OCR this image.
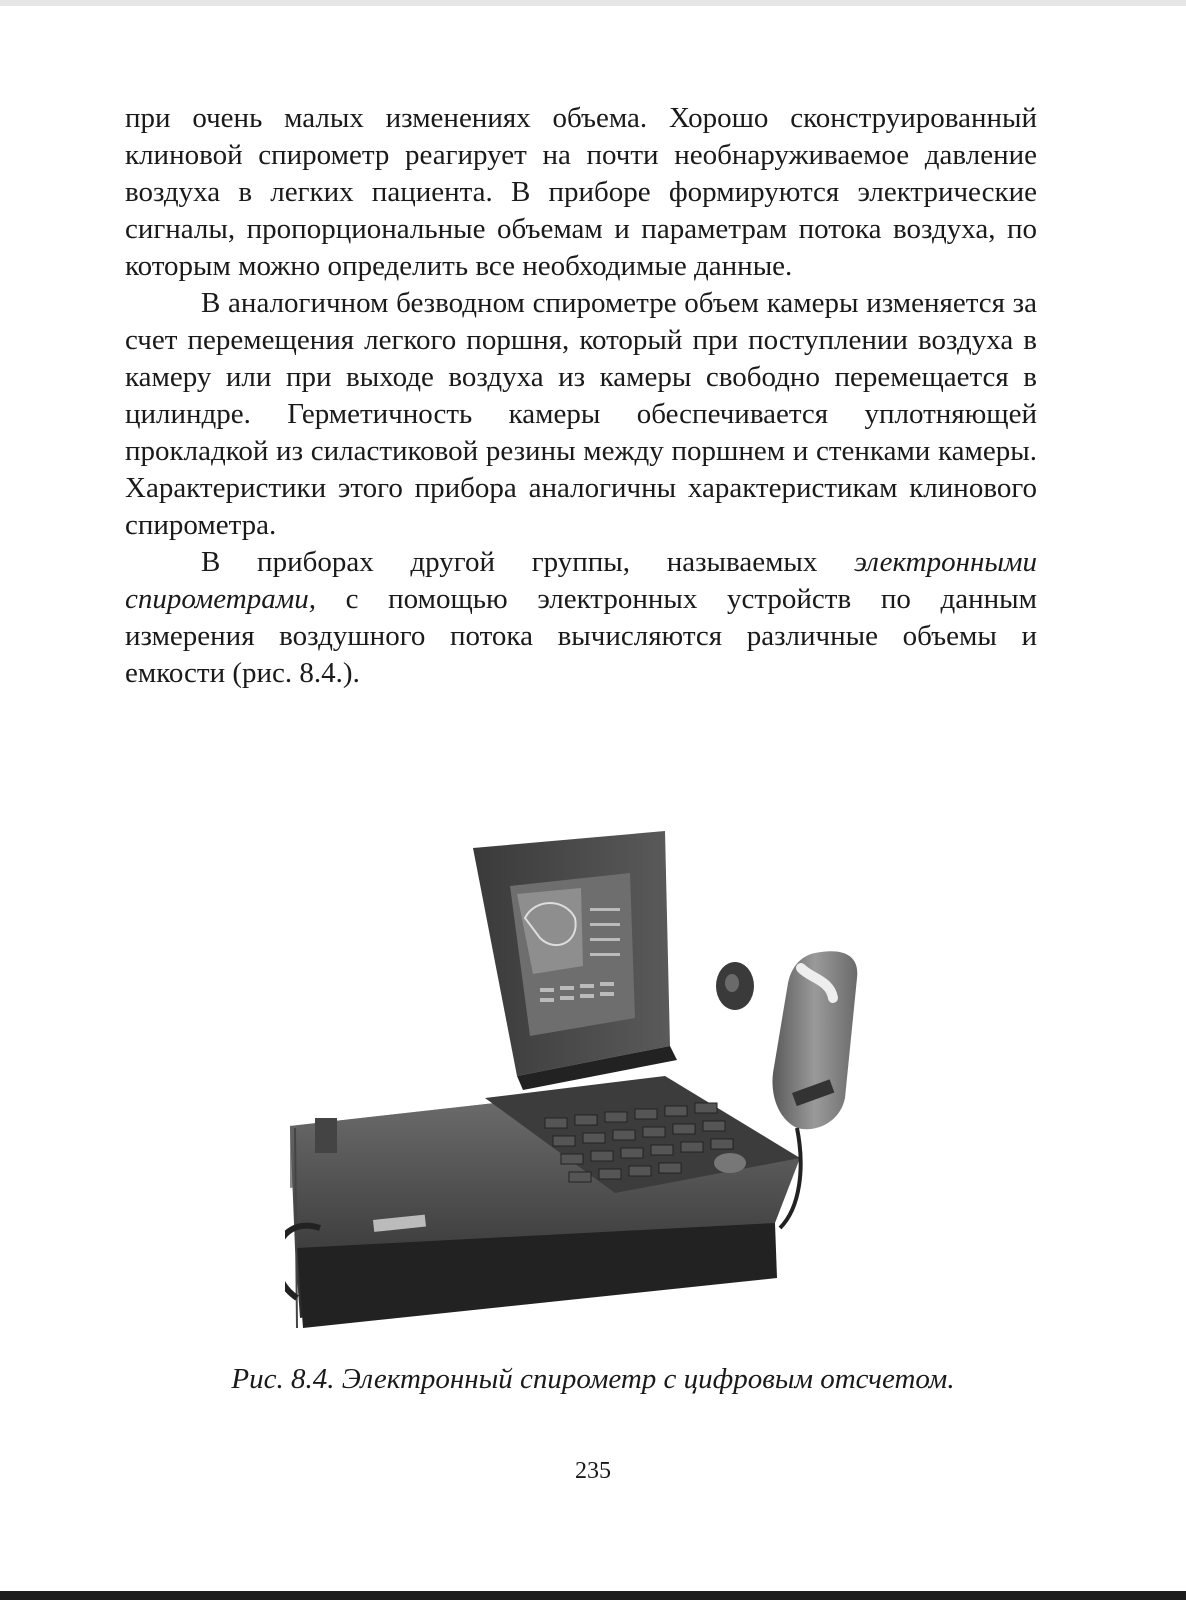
при очень малых изменениях объема. Хорошо сконструированный клиновой спирометр реагирует на почти необнаруживаемое давление воздуха в легких пациента. В приборе формируются электрические сигналы, пропорциональные объемам и параметрам потока воздуха, по которым можно определить все необходимые данные.

В аналогичном безводном спирометре объем камеры изменяется за счет перемещения легкого поршня, который при поступлении воздуха в камеру или при выходе воздуха из камеры свободно перемещается в цилиндре. Герметичность камеры обеспечивается уплотняющей прокладкой из силастиковой резины между поршнем и стенками камеры. Характеристики этого прибора аналогичны характеристикам клинового спирометра.

В приборах другой группы, называемых электронными спирометрами, с помощью электронных устройств по данным измерения воздушного потока вычисляются различные объемы и емкости (рис. 8.4.).

Рис. 8.4. Электронный спирометр с цифровым отсчетом.
235
